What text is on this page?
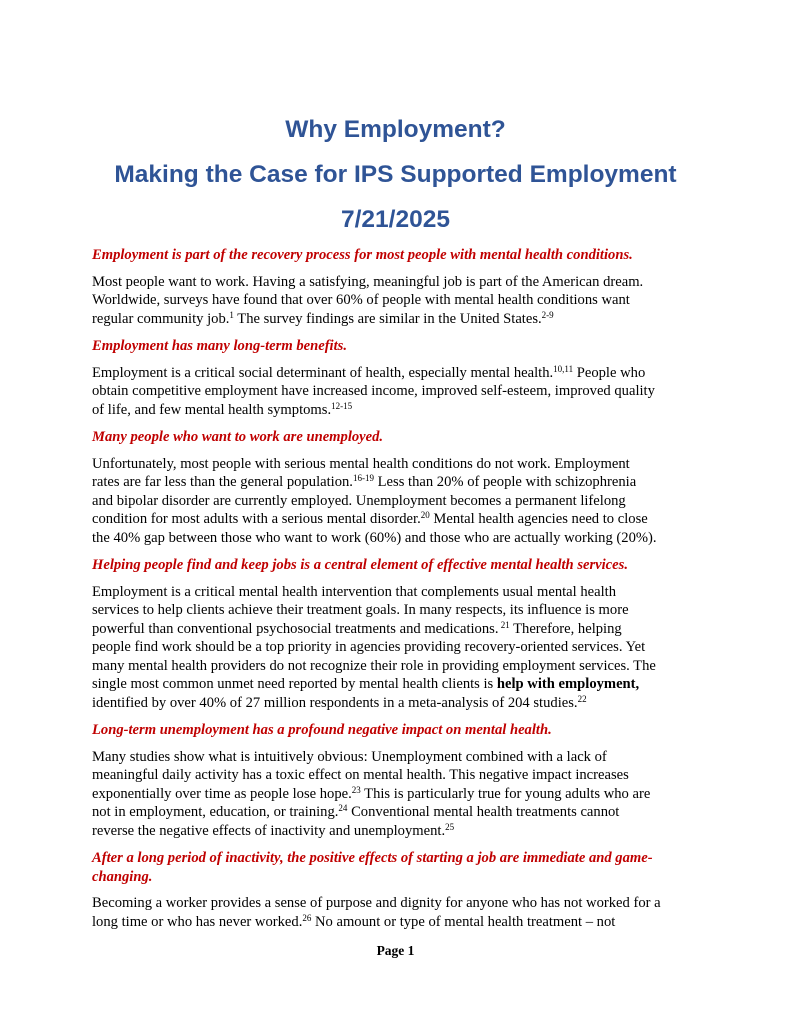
Why Employment?
Making the Case for IPS Supported Employment
7/21/2025
Employment is part of the recovery process for most people with mental health conditions.
Most people want to work. Having a satisfying, meaningful job is part of the American dream.
Worldwide, surveys have found that over 60% of people with mental health conditions want
regular community job.$^1$ The survey findings are similar in the United States.$^{2-9}$
Employment has many long-term benefits.
Employment is a critical social determinant of health, especially mental health.$^{10,11}$ People who
obtain competitive employment have increased income, improved self-esteem, improved quality
of life, and few mental health symptoms.$^{12-15}$
Many people who want to work are unemployed.
Unfortunately, most people with serious mental health conditions do not work. Employment
rates are far less than the general population.$^{16-19}$ Less than 20% of people with schizophrenia
and bipolar disorder are currently employed. Unemployment becomes a permanent lifelong
condition for most adults with a serious mental disorder.$^{20}$ Mental health agencies need to close
the 40% gap between those who want to work (60%) and those who are actually working (20%).
Helping people find and keep jobs is a central element of effective mental health services.
Employment is a critical mental health intervention that complements usual mental health
services to help clients achieve their treatment goals. In many respects, its influence is more
powerful than conventional psychosocial treatments and medications. $^{21}$ Therefore, helping
people find work should be a top priority in agencies providing recovery-oriented services. Yet
many mental health providers do not recognize their role in providing employment services. The
single most common unmet need reported by mental health clients is help with employment,
identified by over 40% of 27 million respondents in a meta-analysis of 204 studies.$^{22}$
Long-term unemployment has a profound negative impact on mental health.
Many studies show what is intuitively obvious: Unemployment combined with a lack of
meaningful daily activity has a toxic effect on mental health. This negative impact increases
exponentially over time as people lose hope.$^{23}$ This is particularly true for young adults who are
not in employment, education, or training.$^{24}$ Conventional mental health treatments cannot
reverse the negative effects of inactivity and unemployment.$^{25}$
After a long period of inactivity, the positive effects of starting a job are immediate and game-
changing.
Becoming a worker provides a sense of purpose and dignity for anyone who has not worked for a
long time or who has never worked.$^{26}$ No amount or type of mental health treatment – not
Page 1
